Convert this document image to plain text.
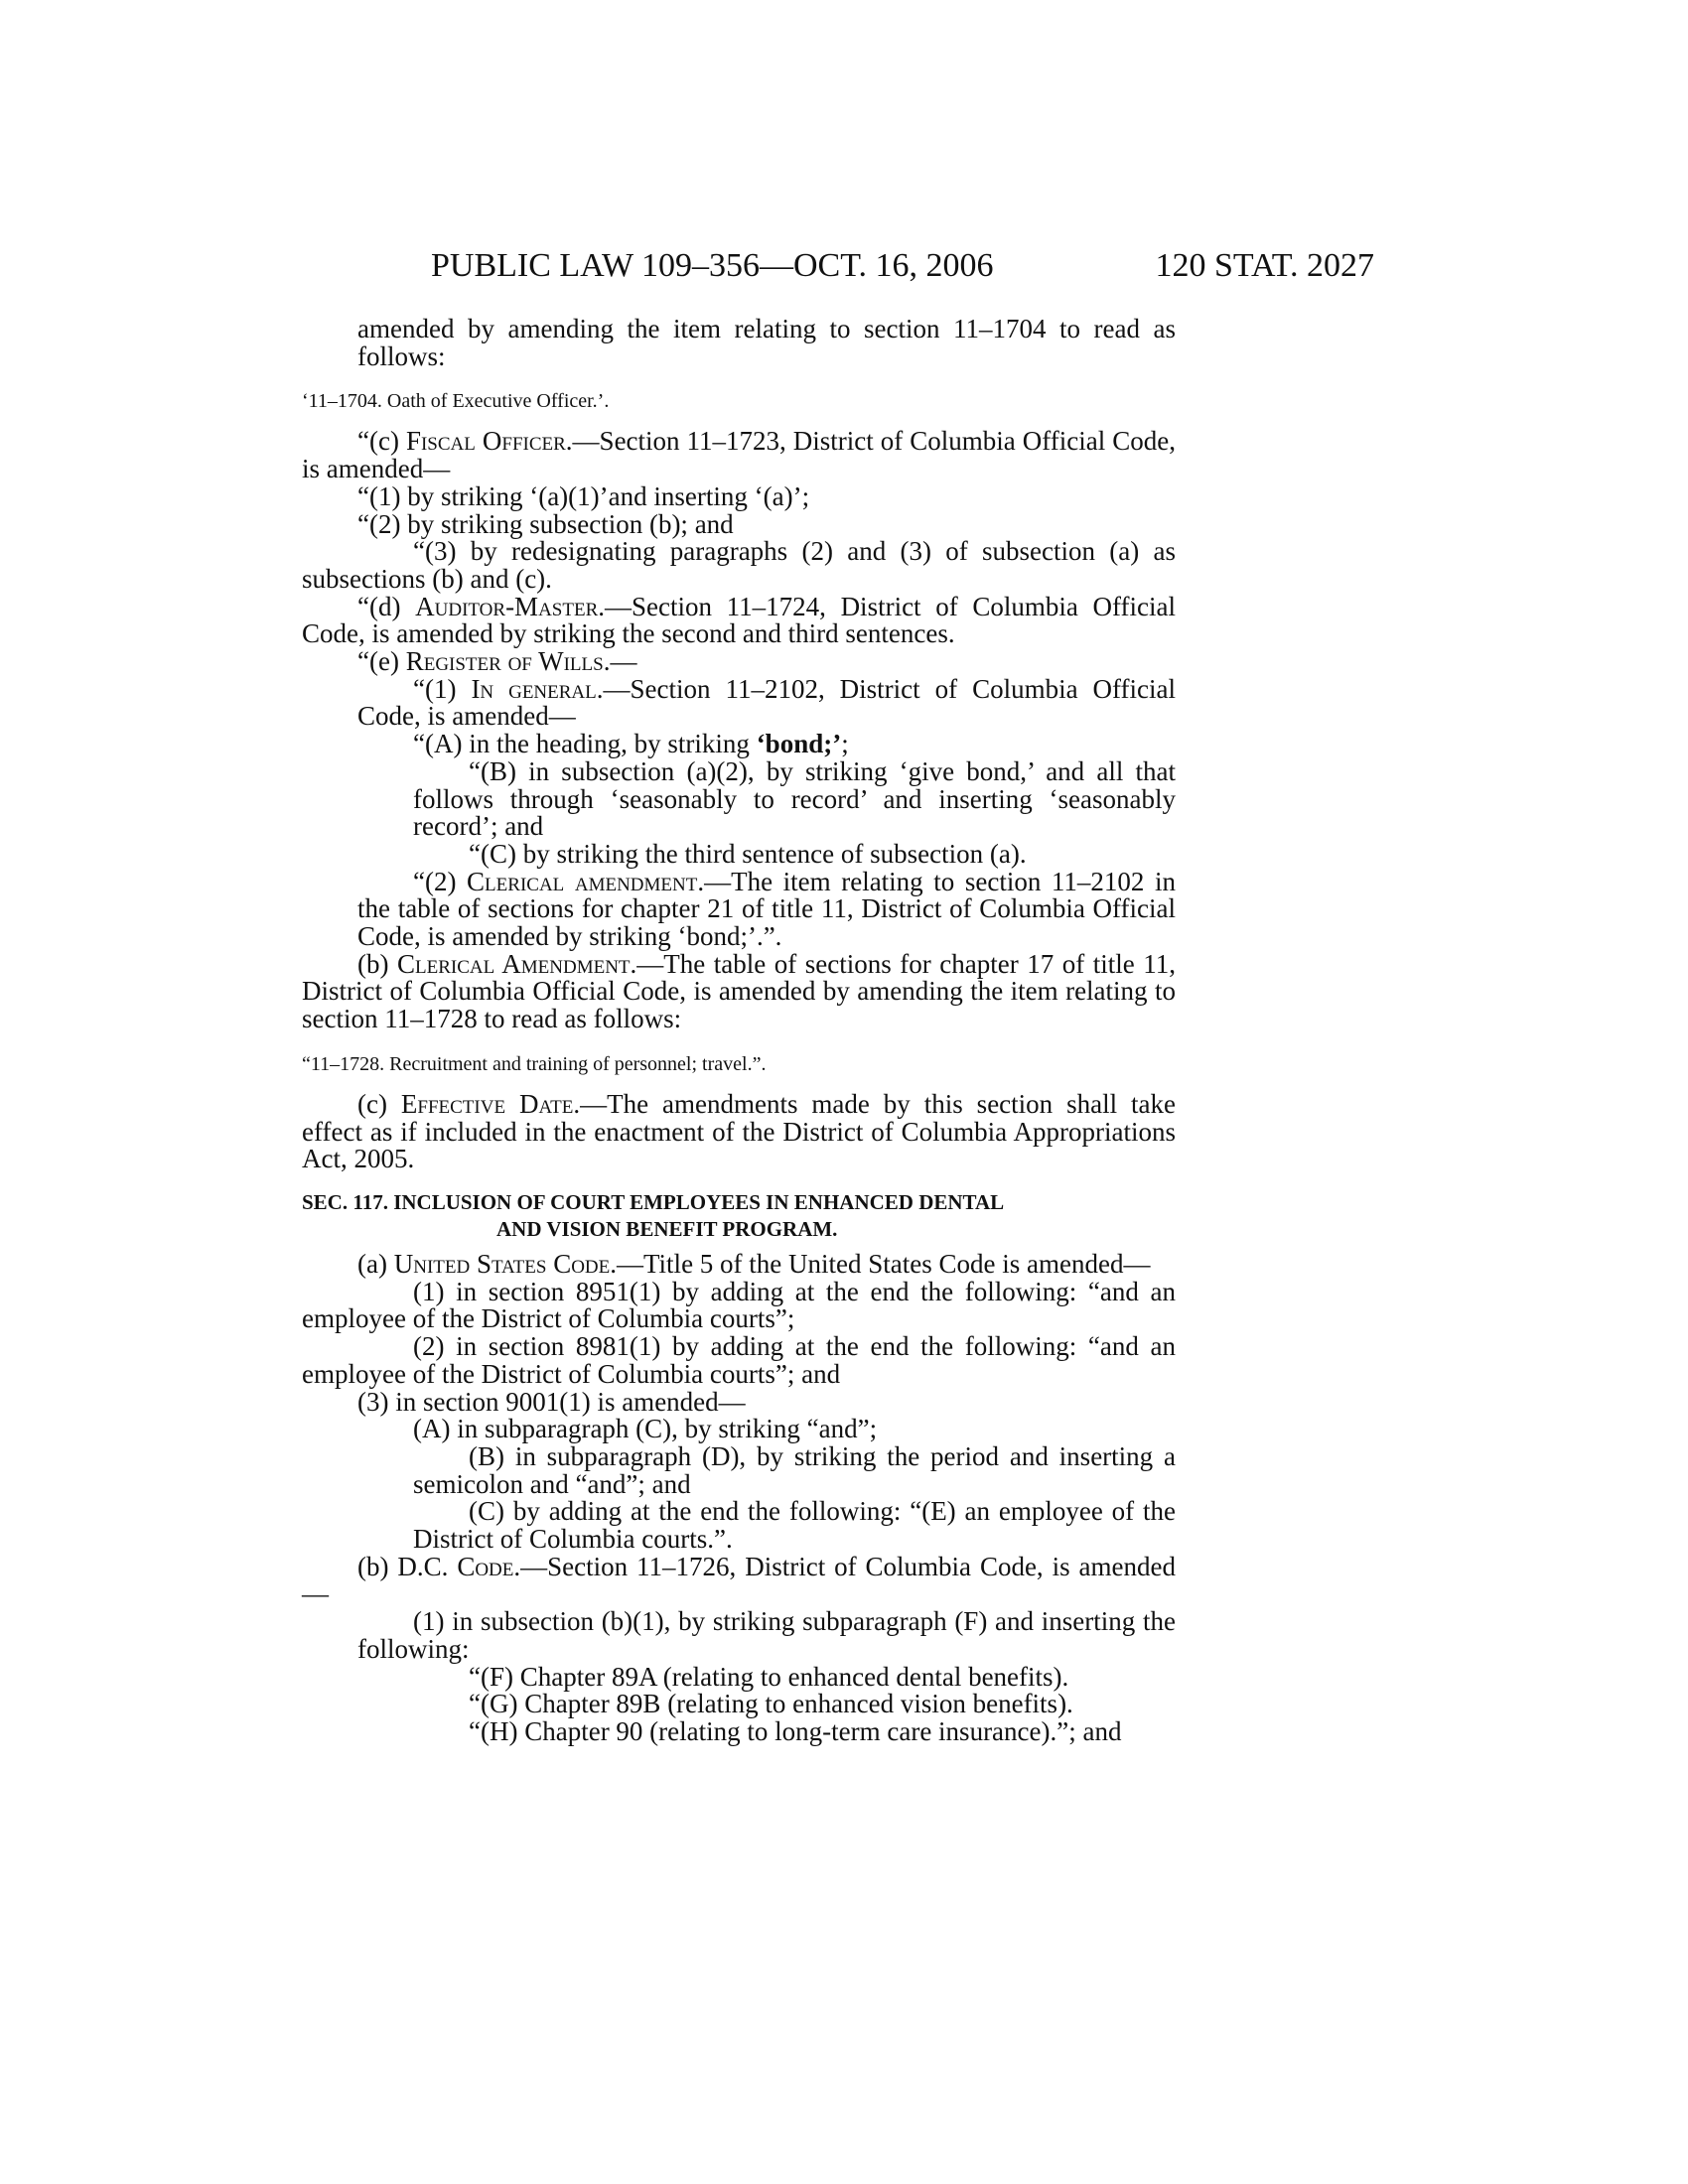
PUBLIC LAW 109–356—OCT. 16, 2006	120 STAT. 2027

amended by amending the item relating to section 11–1704 to read as follows:

‘11–1704. Oath of Executive Officer.’.

“(c) Fiscal Officer.—Section 11–1723, District of Columbia Official Code, is amended—

“(1) by striking ‘(a)(1)’and inserting ‘(a)’;

“(2) by striking subsection (b); and

“(3) by redesignating paragraphs (2) and (3) of subsection (a) as subsections (b) and (c).

“(d) Auditor-Master.—Section 11–1724, District of Columbia Official Code, is amended by striking the second and third sentences.

“(e) Register of Wills.—

“(1) In general.—Section 11–2102, District of Columbia Official Code, is amended—

“(A) in the heading, by striking ‘bond;’;

“(B) in subsection (a)(2), by striking ‘give bond,’ and all that follows through ‘seasonably to record’ and inserting ‘seasonably record’; and

“(C) by striking the third sentence of subsection (a).

“(2) Clerical amendment.—The item relating to section 11–2102 in the table of sections for chapter 21 of title 11, District of Columbia Official Code, is amended by striking ‘bond;’.”.

(b) Clerical Amendment.—The table of sections for chapter 17 of title 11, District of Columbia Official Code, is amended by amending the item relating to section 11–1728 to read as follows:

“11–1728. Recruitment and training of personnel; travel.”.

(c) Effective Date.—The amendments made by this section shall take effect as if included in the enactment of the District of Columbia Appropriations Act, 2005.

SEC. 117. INCLUSION OF COURT EMPLOYEES IN ENHANCED DENTAL
AND VISION BENEFIT PROGRAM.

(a) United States Code.—Title 5 of the United States Code is amended—

(1) in section 8951(1) by adding at the end the following: “and an employee of the District of Columbia courts”;

(2) in section 8981(1) by adding at the end the following: “and an employee of the District of Columbia courts”; and

(3) in section 9001(1) is amended—

(A) in subparagraph (C), by striking “and”;

(B) in subparagraph (D), by striking the period and inserting a semicolon and “and”; and

(C) by adding at the end the following: “(E) an employee of the District of Columbia courts.”.

(b) D.C. Code.—Section 11–1726, District of Columbia Code, is amended—

(1) in subsection (b)(1), by striking subparagraph (F) and inserting the following:

“(F) Chapter 89A (relating to enhanced dental benefits).

“(G) Chapter 89B (relating to enhanced vision benefits).

“(H) Chapter 90 (relating to long-term care insurance).”; and
